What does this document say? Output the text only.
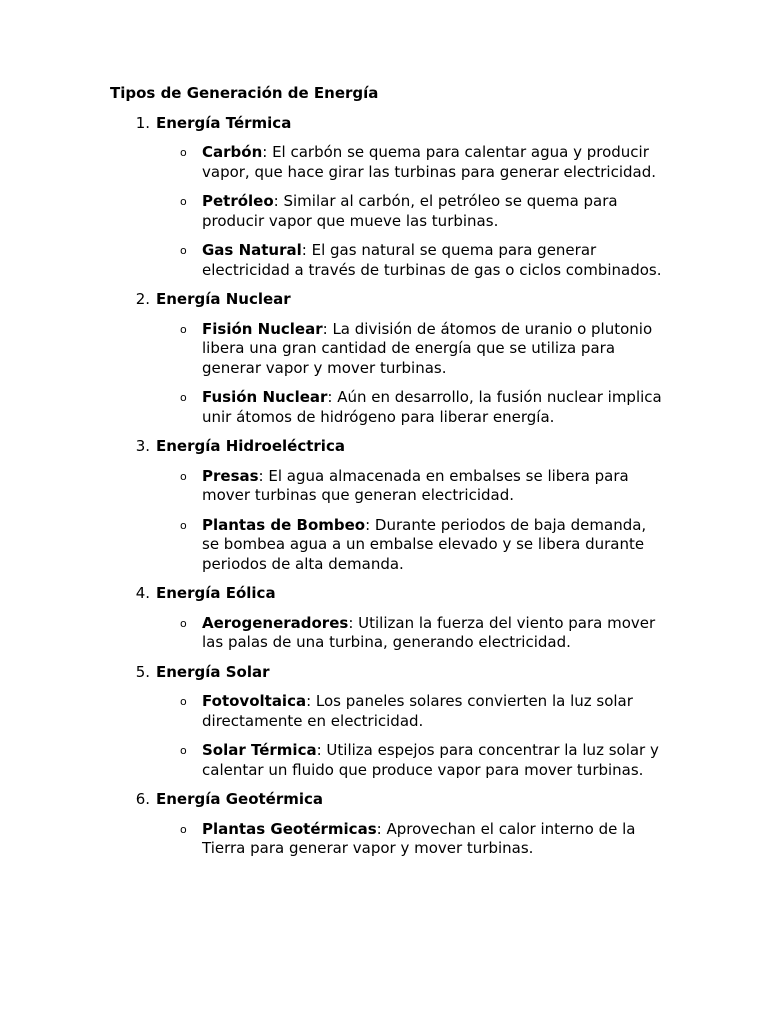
Tipos de Generación de Energía
1. Energía Térmica
o	Carbón: El carbón se quema para calentar agua y producir vapor, que hace girar las turbinas para generar electricidad.
o	Petróleo: Similar al carbón, el petróleo se quema para producir vapor que mueve las turbinas.
o	Gas Natural: El gas natural se quema para generar electricidad a través de turbinas de gas o ciclos combinados.
2. Energía Nuclear
o	Fisión Nuclear: La división de átomos de uranio o plutonio libera una gran cantidad de energía que se utiliza para generar vapor y mover turbinas.
o	Fusión Nuclear: Aún en desarrollo, la fusión nuclear implica unir átomos de hidrógeno para liberar energía.
3. Energía Hidroeléctrica
o	Presas: El agua almacenada en embalses se libera para mover turbinas que generan electricidad.
o	Plantas de Bombeo: Durante periodos de baja demanda, se bombea agua a un embalse elevado y se libera durante periodos de alta demanda.
4. Energía Eólica
o	Aerogeneradores: Utilizan la fuerza del viento para mover las palas de una turbina, generando electricidad.
5. Energía Solar
o	Fotovoltaica: Los paneles solares convierten la luz solar directamente en electricidad.
o	Solar Térmica: Utiliza espejos para concentrar la luz solar y calentar un fluido que produce vapor para mover turbinas.
6. Energía Geotérmica
o	Plantas Geotérmicas: Aprovechan el calor interno de la Tierra para generar vapor y mover turbinas.
